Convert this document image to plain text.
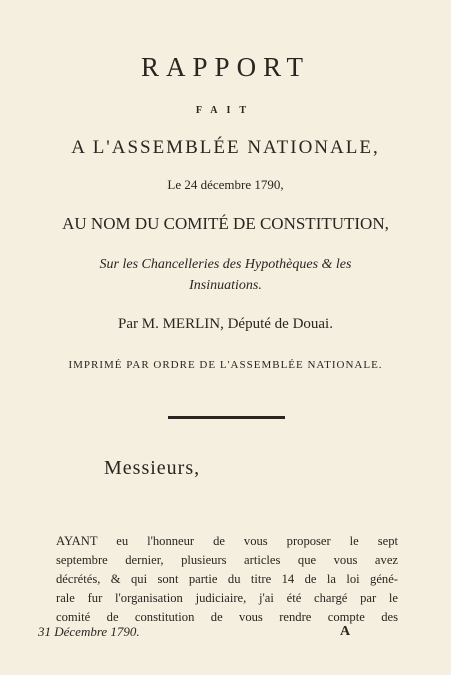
RAPPORT
FAIT
A L'ASSEMBLÉE NATIONALE,
Le 24 décembre 1790,
AU NOM DU COMITÉ DE CONSTITUTION,
Sur les Chancelleries des Hypothèques & les
Insinuations.
Par M. MERLIN, Député de Douai.
IMPRIMÉ PAR ORDRE DE L'ASSEMBLÉE NATIONALE.
Messieurs,
AYANT eu l'honneur de vous proposer le sept
septembre dernier, plusieurs articles que vous avez
décrétés, & qui sont partie du titre 14 de la loi géné-
rale fur l'organisation judiciaire, j'ai été chargé par le
comité de constitution de vous rendre compte des
31 Décembre 1790.	A
